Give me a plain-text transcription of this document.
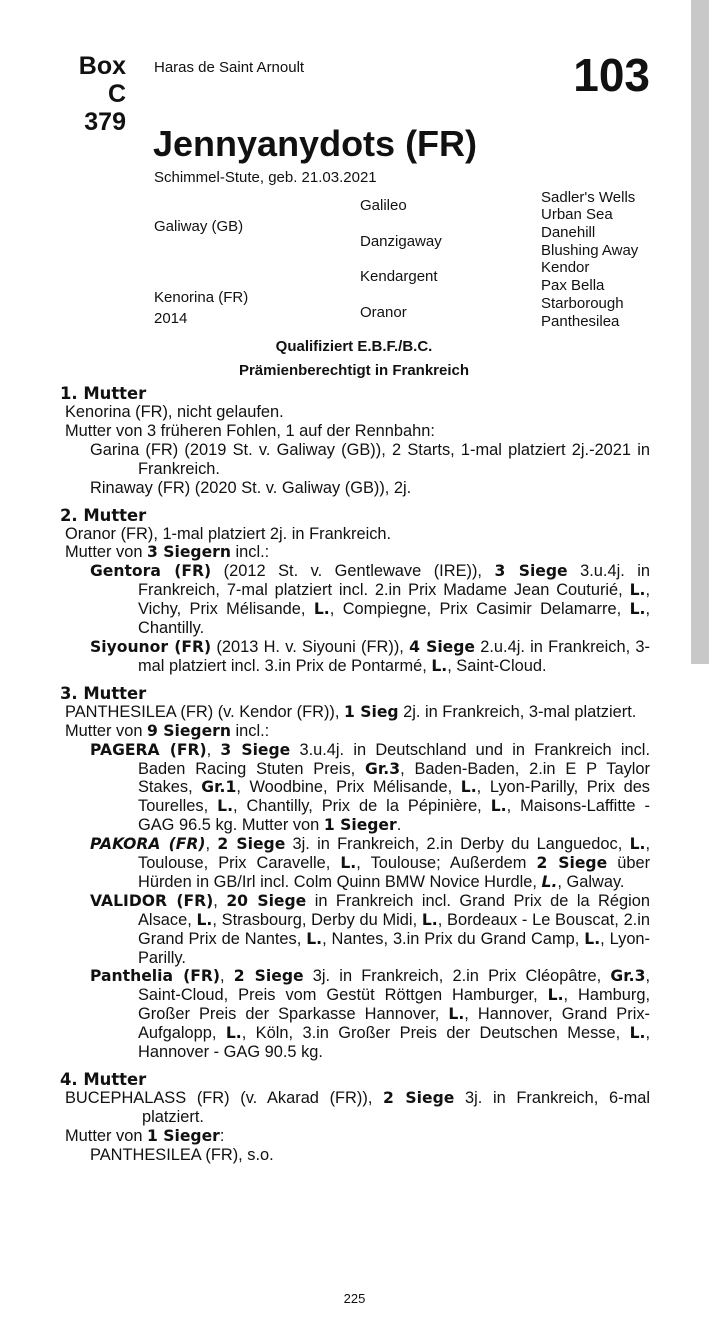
Box
C 379
Haras de Saint Arnoult	103
Jennyanydots (FR)
Schimmel-Stute, geb. 21.03.2021
Galiway (GB)
Kenorina (FR)
2014
Galileo
Danzigaway
Kendargent
Oranor
Sadler's Wells
Urban Sea
Danehill
Blushing Away
Kendor
Pax Bella
Starborough
Panthesilea
Qualifiziert E.B.F./B.C.
Prämienberechtigt in Frankreich
1. Mutter

Kenorina (FR), nicht gelaufen.

Mutter von 3 früheren Fohlen, 1 auf der Rennbahn:

Garina (FR) (2019 St. v. Galiway (GB)), 2 Starts, 1-mal platziert 2j.-2021 in Frankreich.

Rinaway (FR) (2020 St. v. Galiway (GB)), 2j.

2. Mutter

Oranor (FR), 1-mal platziert 2j. in Frankreich.

Mutter von 3 Siegern incl.:

Gentora (FR) (2012 St. v. Gentlewave (IRE)), 3 Siege 3.u.4j. in Frankreich, 7-mal platziert incl. 2.in Prix Madame Jean Couturié, L., Vichy, Prix Mélisande, L., Compiegne, Prix Casimir Delamarre, L., Chantilly.

Siyounor (FR) (2013 H. v. Siyouni (FR)), 4 Siege 2.u.4j. in Frankreich, 3-mal platziert incl. 3.in Prix de Pontarmé, L., Saint-Cloud.

3. Mutter

PANTHESILEA (FR) (v. Kendor (FR)), 1 Sieg 2j. in Frankreich, 3-mal platziert.

Mutter von 9 Siegern incl.:

PAGERA (FR), 3 Siege 3.u.4j. in Deutschland und in Frankreich incl. Baden Racing Stuten Preis, Gr.3, Baden-Baden, 2.in E P Taylor Stakes, Gr.1, Woodbine, Prix Mélisande, L., Lyon-Parilly, Prix des Tourelles, L., Chantilly, Prix de la Pépinière, L., Maisons-Laffitte - GAG 96.5 kg. Mutter von 1 Sieger.

PAKORA (FR), 2 Siege 3j. in Frankreich, 2.in Derby du Languedoc, L., Toulouse, Prix Caravelle, L., Toulouse; Außerdem 2 Siege über Hürden in GB/Irl incl. Colm Quinn BMW Novice Hurdle, L., Galway.

VALIDOR (FR), 20 Siege in Frankreich incl. Grand Prix de la Région Alsace, L., Strasbourg, Derby du Midi, L., Bordeaux - Le Bouscat, 2.in Grand Prix de Nantes, L., Nantes, 3.in Prix du Grand Camp, L., Lyon-Parilly.

Panthelia (FR), 2 Siege 3j. in Frankreich, 2.in Prix Cléopâtre, Gr.3, Saint-Cloud, Preis vom Gestüt Röttgen Hamburger, L., Hamburg, Großer Preis der Sparkasse Hannover, L., Hannover, Grand Prix-Aufgalopp, L., Köln, 3.in Großer Preis der Deutschen Messe, L., Hannover - GAG 90.5 kg.

4. Mutter

BUCEPHALASS (FR) (v. Akarad (FR)), 2 Siege 3j. in Frankreich, 6-mal platziert.

Mutter von 1 Sieger:

PANTHESILEA (FR), s.o.

225
